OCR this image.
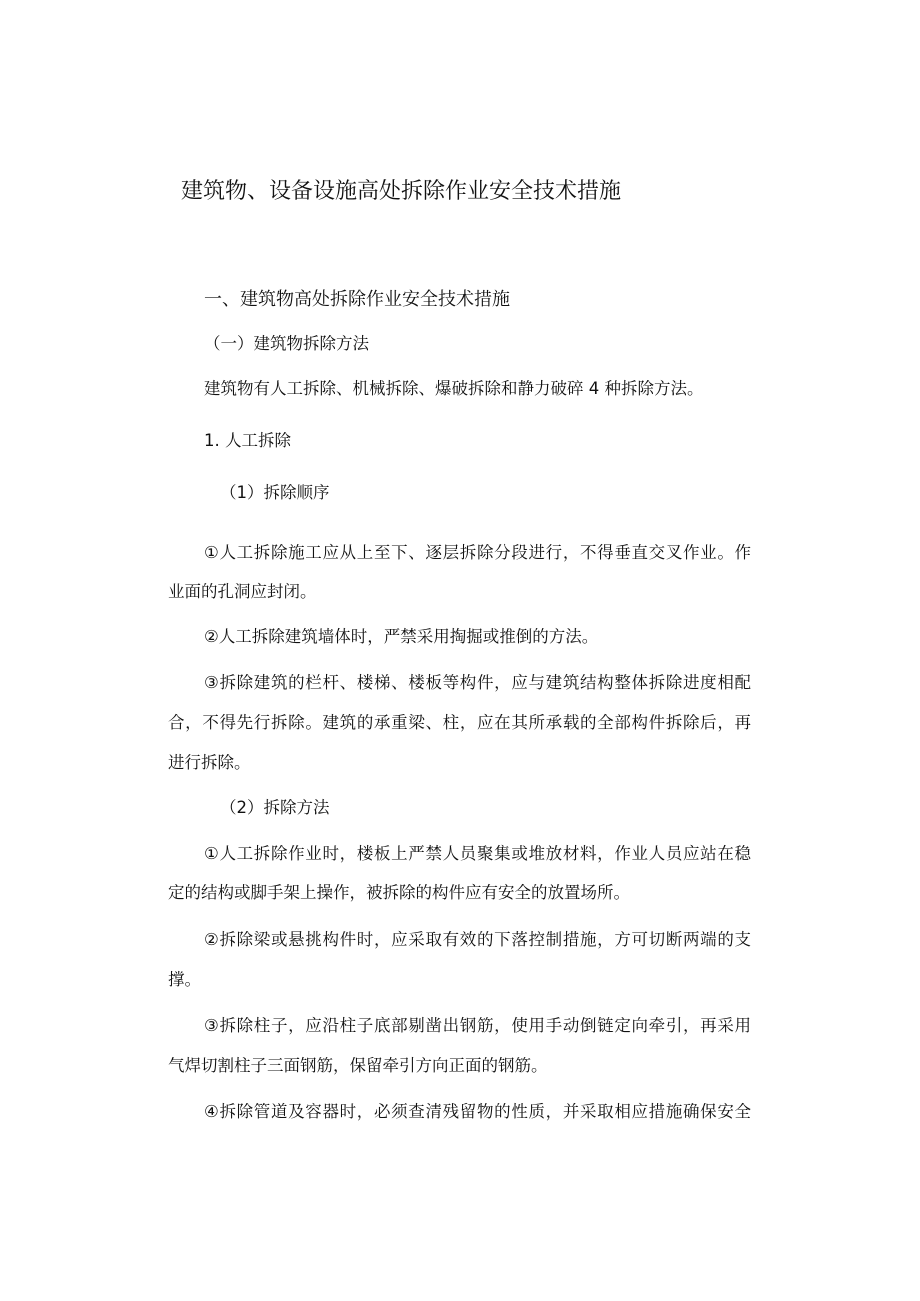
建筑物、设备设施高处拆除作业安全技术措施
一、建筑物高处拆除作业安全技术措施
（一）建筑物拆除方法
建筑物有人工拆除、机械拆除、爆破拆除和静力破碎 4 种拆除方法。
1. 人工拆除
（1）拆除顺序
①人工拆除施工应从上至下、逐层拆除分段进行，不得垂直交叉作业。作
业面的孔洞应封闭。
②人工拆除建筑墙体时，严禁采用掏掘或推倒的方法。
③拆除建筑的栏杆、楼梯、楼板等构件，应与建筑结构整体拆除进度相配
合，不得先行拆除。建筑的承重梁、柱，应在其所承载的全部构件拆除后，再
进行拆除。
（2）拆除方法
①人工拆除作业时，楼板上严禁人员聚集或堆放材料，作业人员应站在稳
定的结构或脚手架上操作，被拆除的构件应有安全的放置场所。
②拆除梁或悬挑构件时，应采取有效的下落控制措施，方可切断两端的支
撑。
③拆除柱子，应沿柱子底部剔凿出钢筋，使用手动倒链定向牵引，再采用
气焊切割柱子三面钢筋，保留牵引方向正面的钢筋。
④拆除管道及容器时，必须查清残留物的性质，并采取相应措施确保安全
